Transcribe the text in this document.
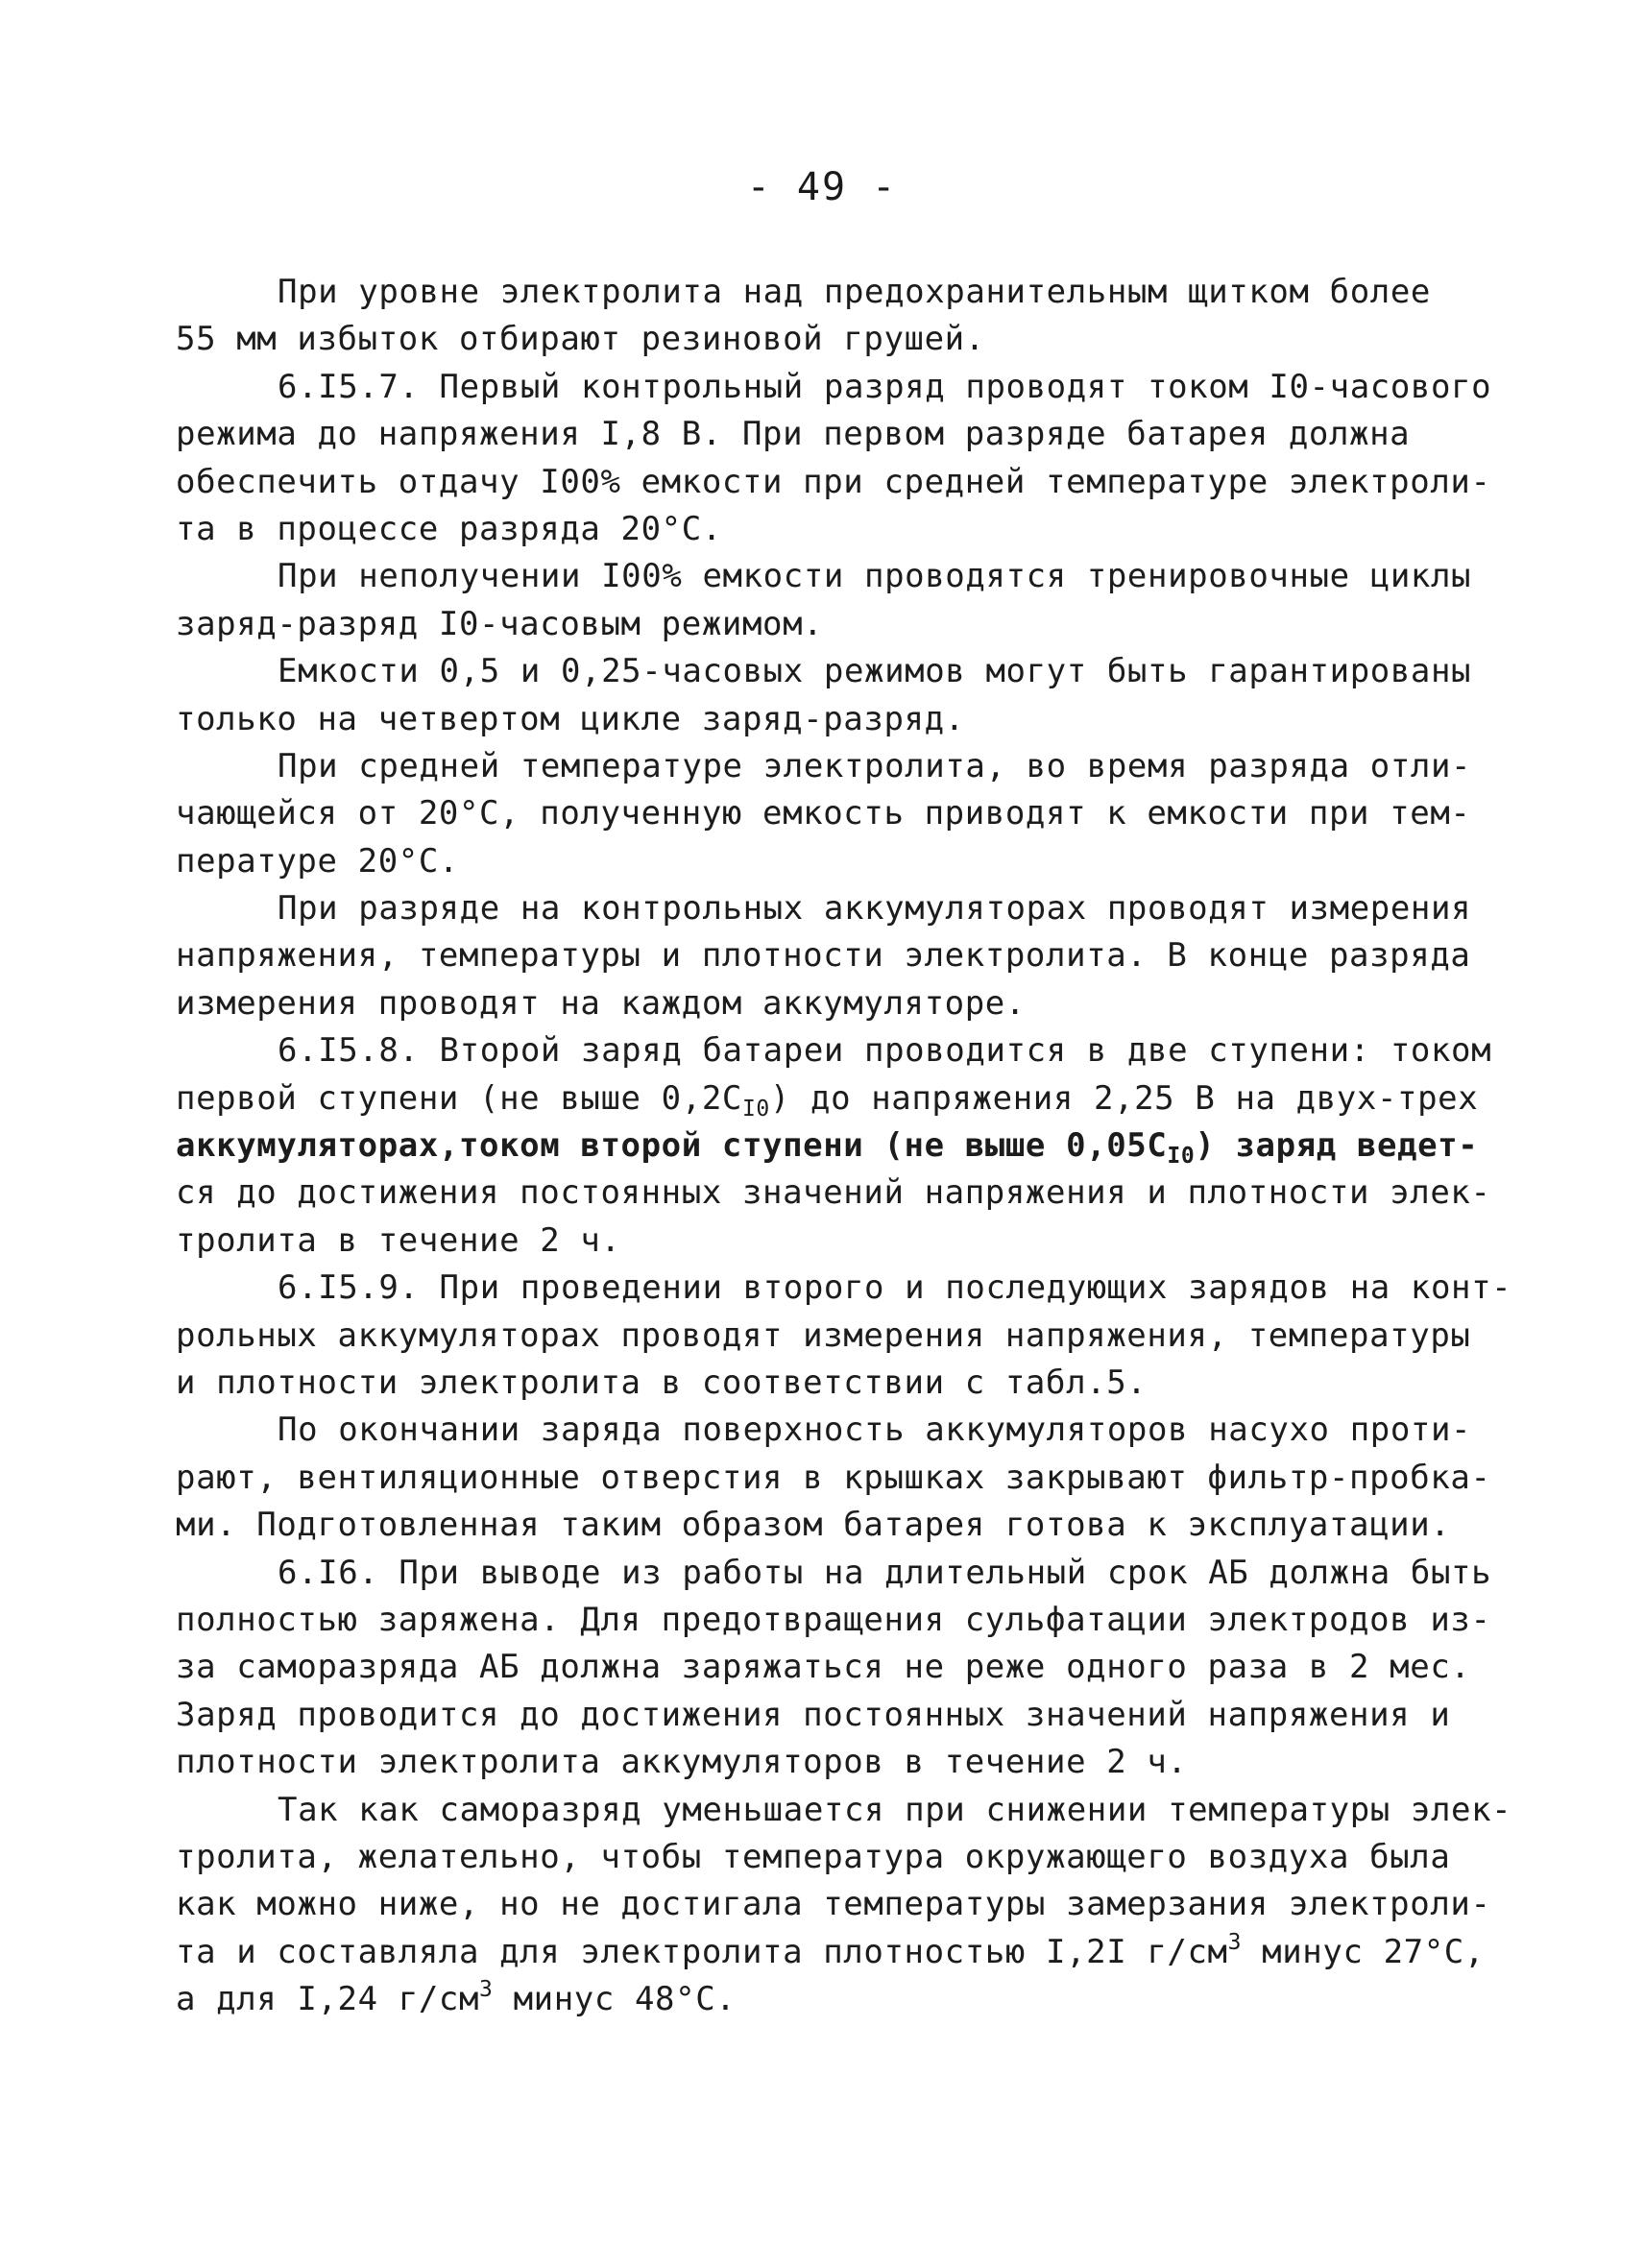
- 49 -
При уровне электролита над предохранительным щитком более
55 мм избыток отбирают резиновой грушей.
6.I5.7. Первый контрольный разряд проводят током I0-часового
режима до напряжения I,8 В. При первом разряде батарея должна
обеспечить отдачу I00% емкости при средней температуре электроли-
та в процессе разряда 20°С.
При неполучении I00% емкости проводятся тренировочные циклы
заряд-разряд I0-часовым режимом.
Емкости 0,5 и 0,25-часовых режимов могут быть гарантированы
только на четвертом цикле заряд-разряд.
При средней температуре электролита, во время разряда отли-
чающейся от 20°С, полученную емкость приводят к емкости при тем-
пературе 20°С.
При разряде на контрольных аккумуляторах проводят измерения
напряжения, температуры и плотности электролита. В конце разряда
измерения проводят на каждом аккумуляторе.
6.I5.8. Второй заряд батареи проводится в две ступени: током
первой ступени (не выше $0,2C_{I0}$) до напряжения 2,25 В на двух-трех
аккумуляторах,током второй ступени (не выше $0,05C_{I0}$) заряд ведет-
ся до достижения постоянных значений напряжения и плотности элек-
тролита в течение 2 ч.
6.I5.9. При проведении второго и последующих зарядов на конт-
рольных аккумуляторах проводят измерения напряжения, температуры
и плотности электролита в соответствии с табл.5.
По окончании заряда поверхность аккумуляторов насухо проти-
рают, вентиляционные отверстия в крышках закрывают фильтр-пробка-
ми. Подготовленная таким образом батарея готова к эксплуатации.
6.I6. При выводе из работы на длительный срок АБ должна быть
полностью заряжена. Для предотвращения сульфатации электродов из-
за саморазряда АБ должна заряжаться не реже одного раза в 2 мес.
Заряд проводится до достижения постоянных значений напряжения и
плотности электролита аккумуляторов в течение 2 ч.
Так как саморазряд уменьшается при снижении температуры элек-
тролита, желательно, чтобы температура окружающего воздуха была
как можно ниже, но не достигала температуры замерзания электроли-
та и составляла для электролита плотностью I,2I $г/см^3$ минус 27°С,
а для I,24 $г/см^3$ минус 48°С.
